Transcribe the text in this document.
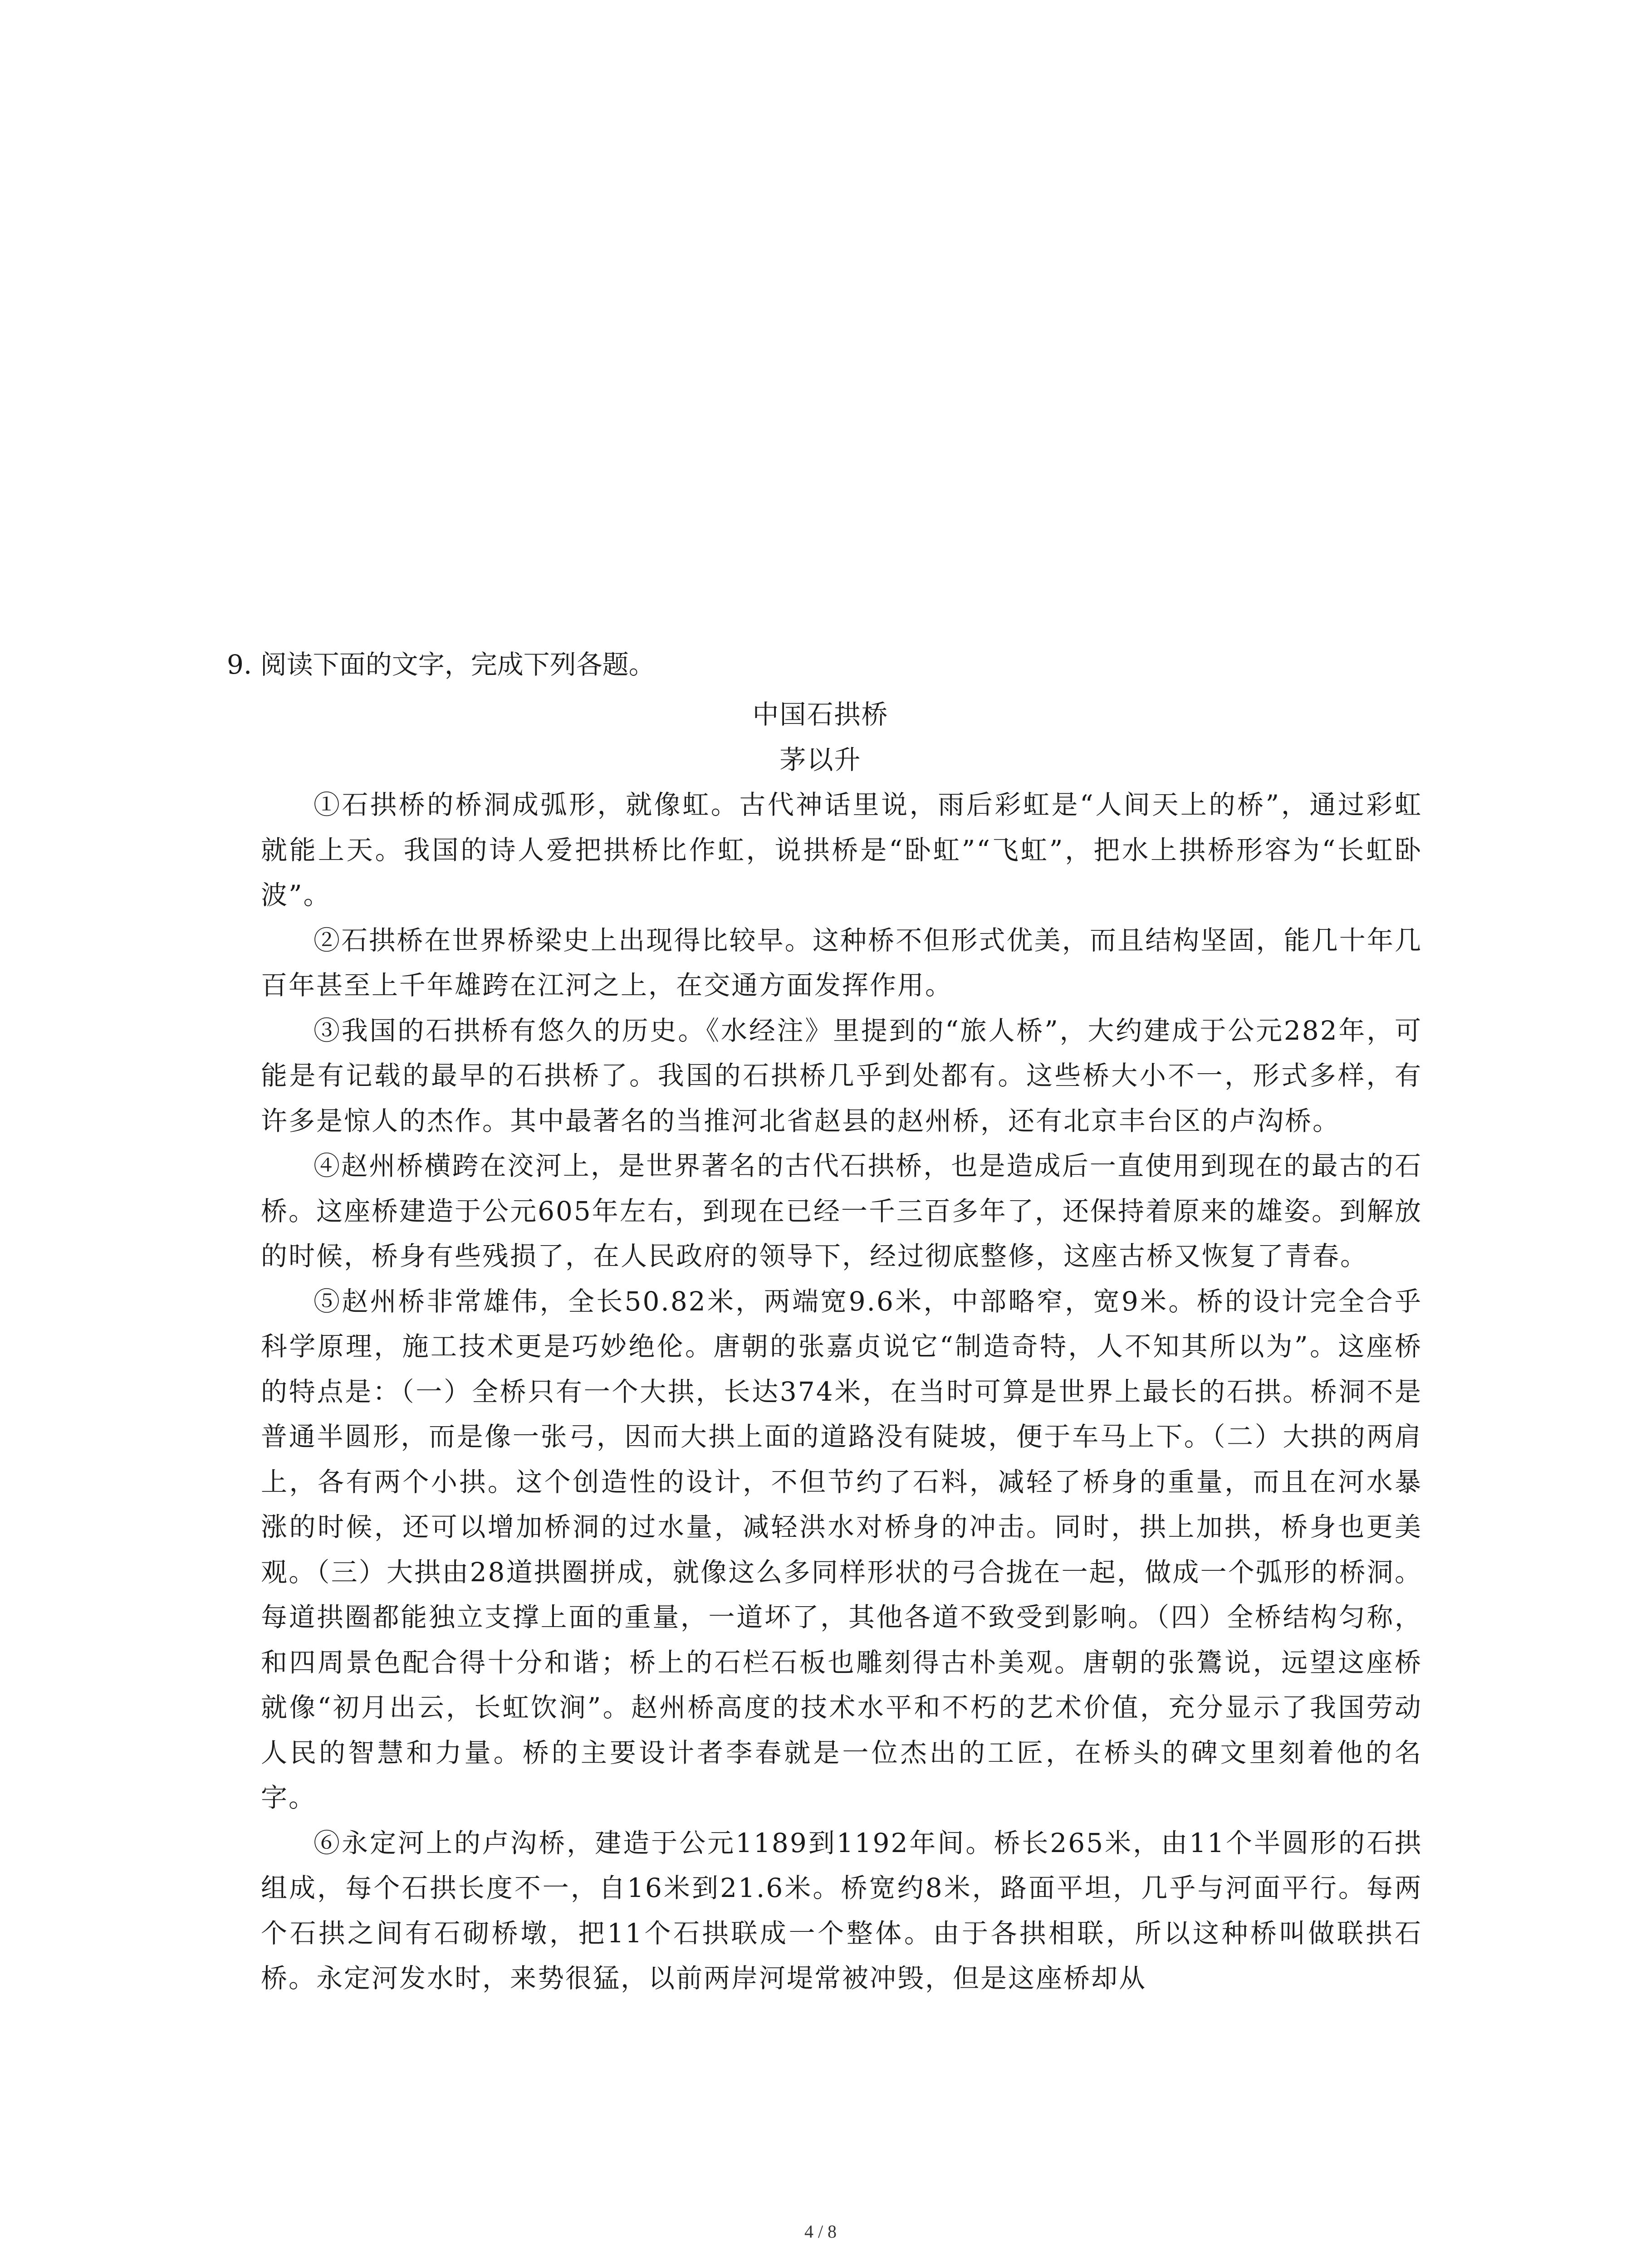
9. 阅读下面的文字，完成下列各题。
中国石拱桥
茅以升

①石拱桥的桥洞成弧形，就像虹。古代神话里说，雨后彩虹是“人间天上的桥”，通过彩虹就能上天。我国的诗人爱把拱桥比作虹，说拱桥是“卧虹”“飞虹”，把水上拱桥形容为“长虹卧波”。

②石拱桥在世界桥梁史上出现得比较早。这种桥不但形式优美，而且结构坚固，能几十年几百年甚至上千年雄跨在江河之上，在交通方面发挥作用。

③我国的石拱桥有悠久的历史。《水经注》里提到的“旅人桥”，大约建成于公元282年，可能是有记载的最早的石拱桥了。我国的石拱桥几乎到处都有。这些桥大小不一，形式多样，有许多是惊人的杰作。其中最著名的当推河北省赵县的赵州桥，还有北京丰台区的卢沟桥。

④赵州桥横跨在洨河上，是世界著名的古代石拱桥，也是造成后一直使用到现在的最古的石桥。这座桥建造于公元605年左右，到现在已经一千三百多年了，还保持着原来的雄姿。到解放的时候，桥身有些残损了，在人民政府的领导下，经过彻底整修，这座古桥又恢复了青春。

⑤赵州桥非常雄伟，全长50.82米，两端宽9.6米，中部略窄，宽9米。桥的设计完全合乎科学原理，施工技术更是巧妙绝伦。唐朝的张嘉贞说它“制造奇特，人不知其所以为”。这座桥的特点是：（一）全桥只有一个大拱，长达374米，在当时可算是世界上最长的石拱。桥洞不是普通半圆形，而是像一张弓，因而大拱上面的道路没有陡坡，便于车马上下。（二）大拱的两肩上，各有两个小拱。这个创造性的设计，不但节约了石料，减轻了桥身的重量，而且在河水暴涨的时候，还可以增加桥洞的过水量，减轻洪水对桥身的冲击。同时，拱上加拱，桥身也更美观。（三）大拱由28道拱圈拼成，就像这么多同样形状的弓合拢在一起，做成一个弧形的桥洞。每道拱圈都能独立支撑上面的重量，一道坏了，其他各道不致受到影响。（四）全桥结构匀称，和四周景色配合得十分和谐；桥上的石栏石板也雕刻得古朴美观。唐朝的张鷟说，远望这座桥就像“初月出云，长虹饮涧”。赵州桥高度的技术水平和不朽的艺术价值，充分显示了我国劳动人民的智慧和力量。桥的主要设计者李春就是一位杰出的工匠，在桥头的碑文里刻着他的名字。

⑥永定河上的卢沟桥，建造于公元1189到1192年间。桥长265米，由11个半圆形的石拱组成，每个石拱长度不一，自16米到21.6米。桥宽约8米，路面平坦，几乎与河面平行。每两个石拱之间有石砌桥墩，把11个石拱联成一个整体。由于各拱相联，所以这种桥叫做联拱石桥。永定河发水时，来势很猛，以前两岸河堤常被冲毁，但是这座桥却从

4 / 8
